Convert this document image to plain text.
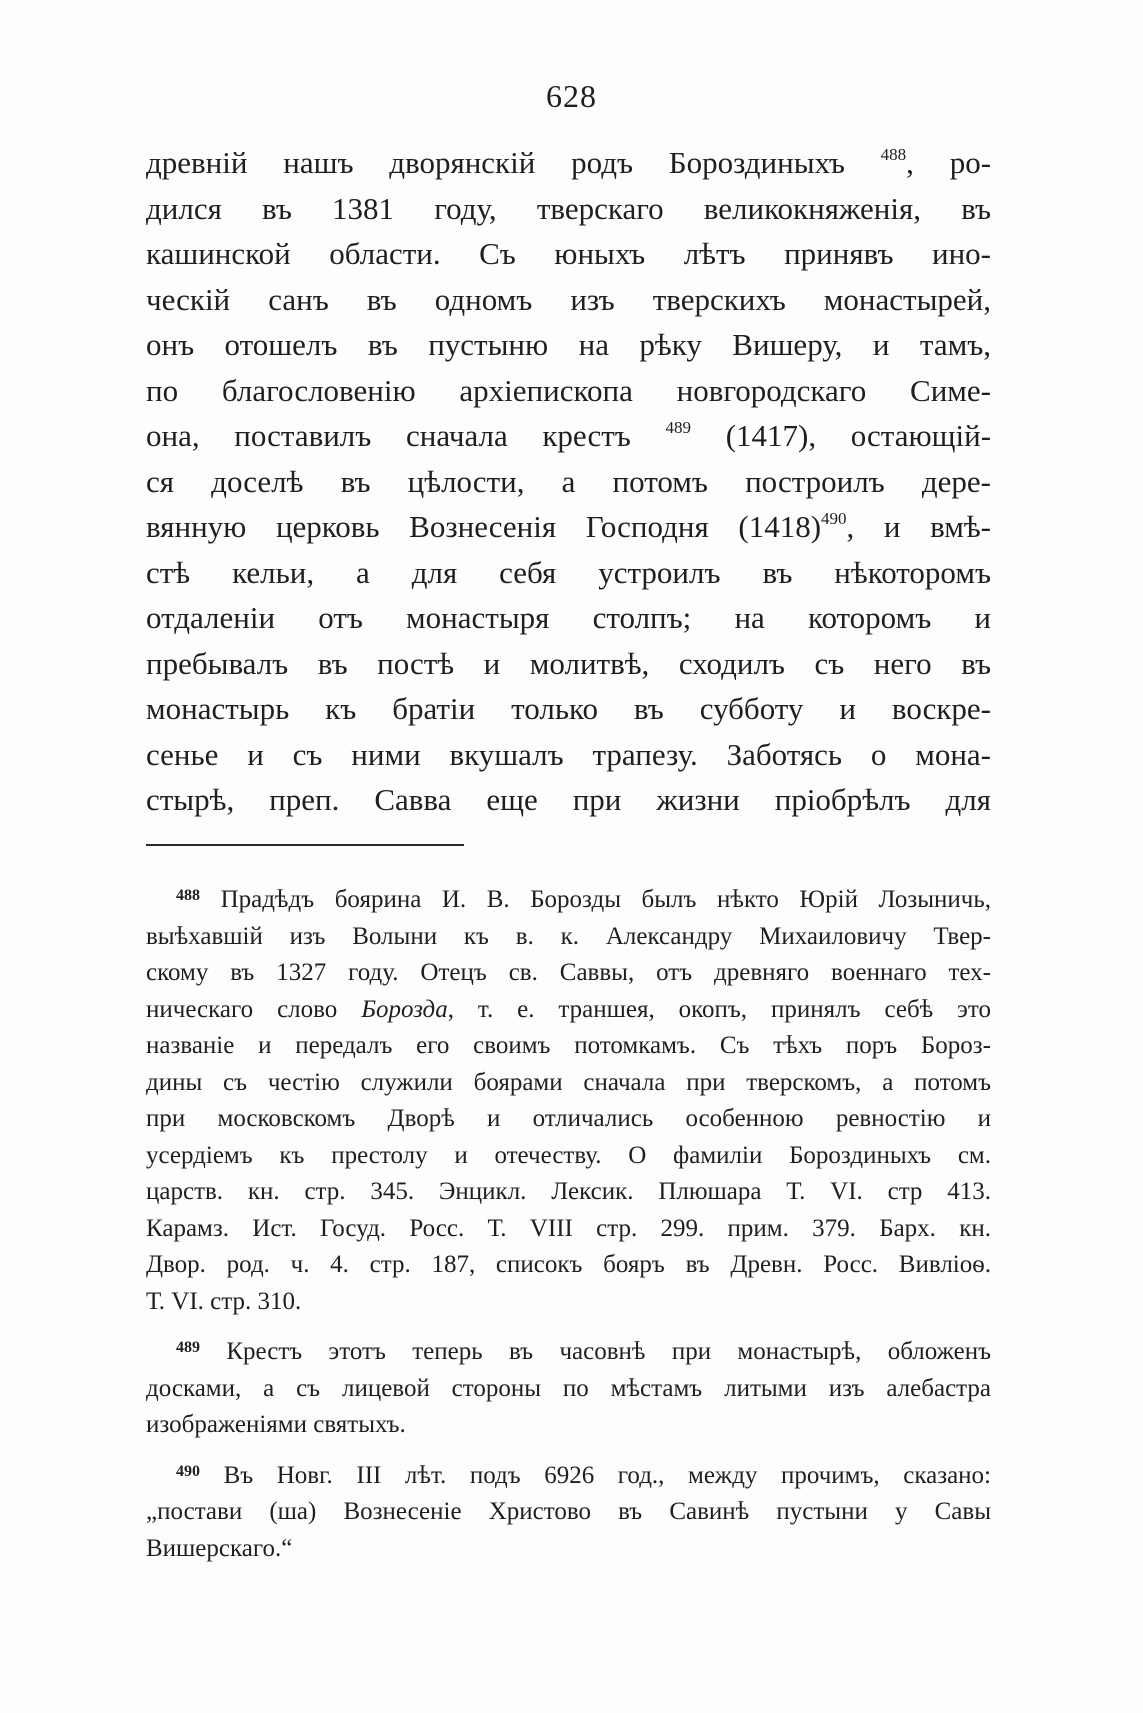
628
древній нашъ дворянскій родъ Бороздиныхъ $^{488}$, ро-
дился въ 1381 году, тверскаго великокняженія, въ
кашинской области. Съ юныхъ лѣтъ принявъ ино-
ческій санъ въ одномъ изъ тверскихъ монастырей,
онъ отошелъ въ пустыню на рѣку Вишеру, и тамъ,
по благословенію архіепископа новгородскаго Симе-
она, поставилъ сначала крестъ $^{489}$ (1417), остающій-
ся доселѣ въ цѣлости, а потомъ построилъ дере-
вянную церковь Вознесенія Господня (1418)$^{490}$, и вмѣ-
стѣ кельи, а для себя устроилъ въ нѣкоторомъ
отдаленіи отъ монастыря столпъ; на которомъ и
пребывалъ въ постѣ и молитвѣ, сходилъ съ него въ
монастырь къ братіи только въ субботу и воскре-
сенье и съ ними вкушалъ трапезу. Заботясь о мона-
стырѣ, преп. Савва еще при жизни пріобрѣлъ для
$^{488}$ Прадѣдъ боярина И. В. Борозды былъ нѣкто Юрій Лозыничь,
выѣхавшій изъ Волыни къ в. к. Александру Михаиловичу Твер-
скому въ 1327 году. Отецъ св. Саввы, отъ древняго военнаго тех-
ническаго слово Борозда, т. е. траншея, окопъ, принялъ себѣ это
названіе и передалъ его своимъ потомкамъ. Съ тѣхъ поръ Бороз-
дины съ честію служили боярами сначала при тверскомъ, а потомъ
при московскомъ Дворѣ и отличались особенною ревностію и
усердіемъ къ престолу и отечеству. О фамиліи Бороздиныхъ см.
царств. кн. стр. 345. Энцикл. Лексик. Плюшара Т. VI. стр 413.
Карамз. Ист. Госуд. Росс. Т. VIII стр. 299. прим. 379. Барх. кн.
Двор. род. ч. 4. стр. 187, списокъ бояръ въ Древн. Росс. Вивліоѳ.
Т. VI. стр. 310.
$^{489}$ Крестъ этотъ теперь въ часовнѣ при монастырѣ, обложенъ
досками, а съ лицевой стороны по мѣстамъ литыми изъ алебастра
изображеніями святыхъ.
$^{490}$ Въ Новг. III лѣт. подъ 6926 год., между прочимъ, сказано:
„постави (ша) Вознесеніе Христово въ Савинѣ пустыни у Савы
Вишерскаго.“
